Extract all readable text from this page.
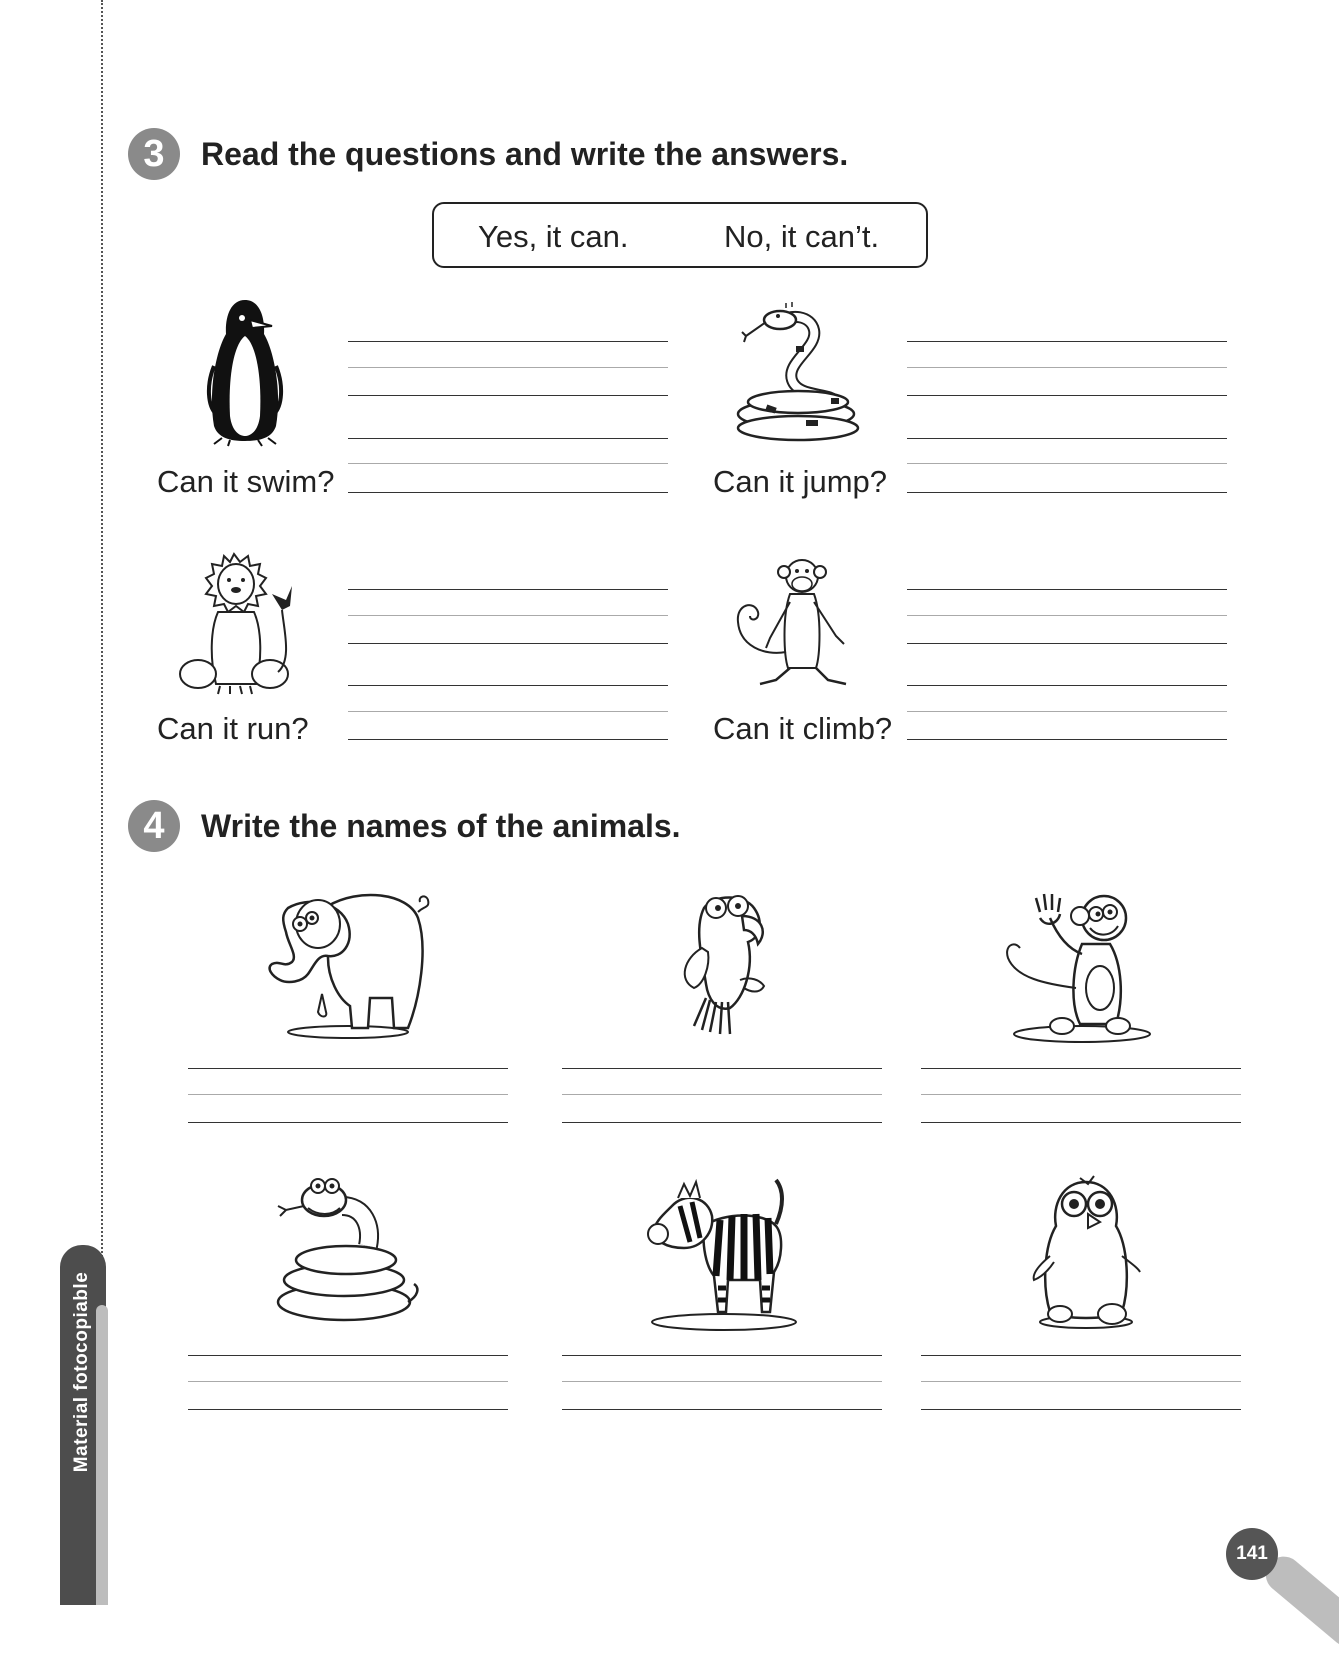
Material fotocopiable
3	Read the questions and write the answers.
Yes, it can.	No, it can’t.
Can it swim?	Can it jump?
Can it run?	Can it climb?
4	Write the names of the animals.
141
